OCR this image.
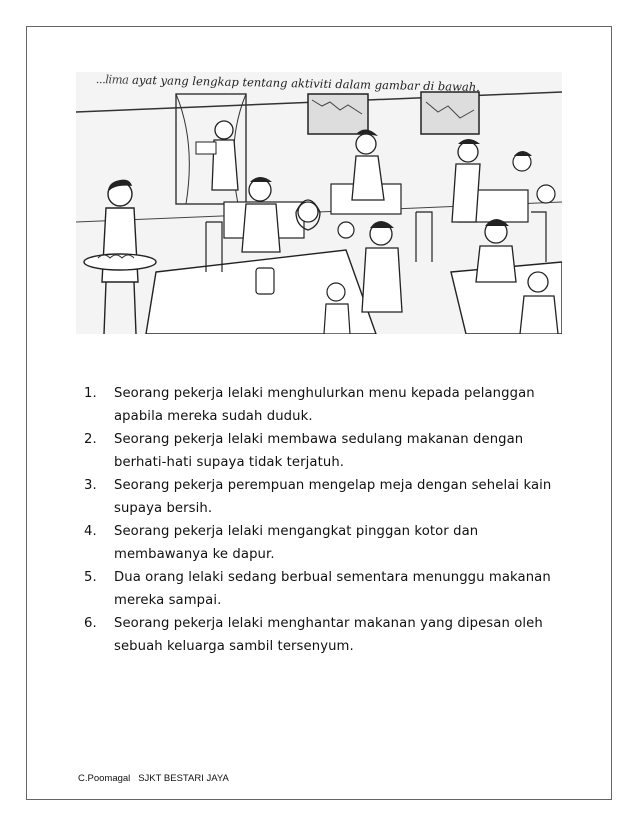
...lima ayat yang lengkap tentang aktiviti dalam gambar di bawah.
1.	Seorang pekerja lelaki menghulurkan menu kepada pelanggan apabila mereka sudah duduk.
2.	Seorang pekerja lelaki membawa sedulang makanan dengan berhati-hati supaya tidak terjatuh.
3.	Seorang pekerja perempuan mengelap meja dengan sehelai kain supaya bersih.
4.	Seorang pekerja lelaki mengangkat pinggan kotor dan membawanya ke dapur.
5.	Dua orang lelaki sedang berbual sementara menunggu makanan mereka sampai.
6.	Seorang pekerja lelaki menghantar makanan yang dipesan oleh sebuah keluarga sambil tersenyum.
C.Poomagal SJKT BESTARI JAYA
